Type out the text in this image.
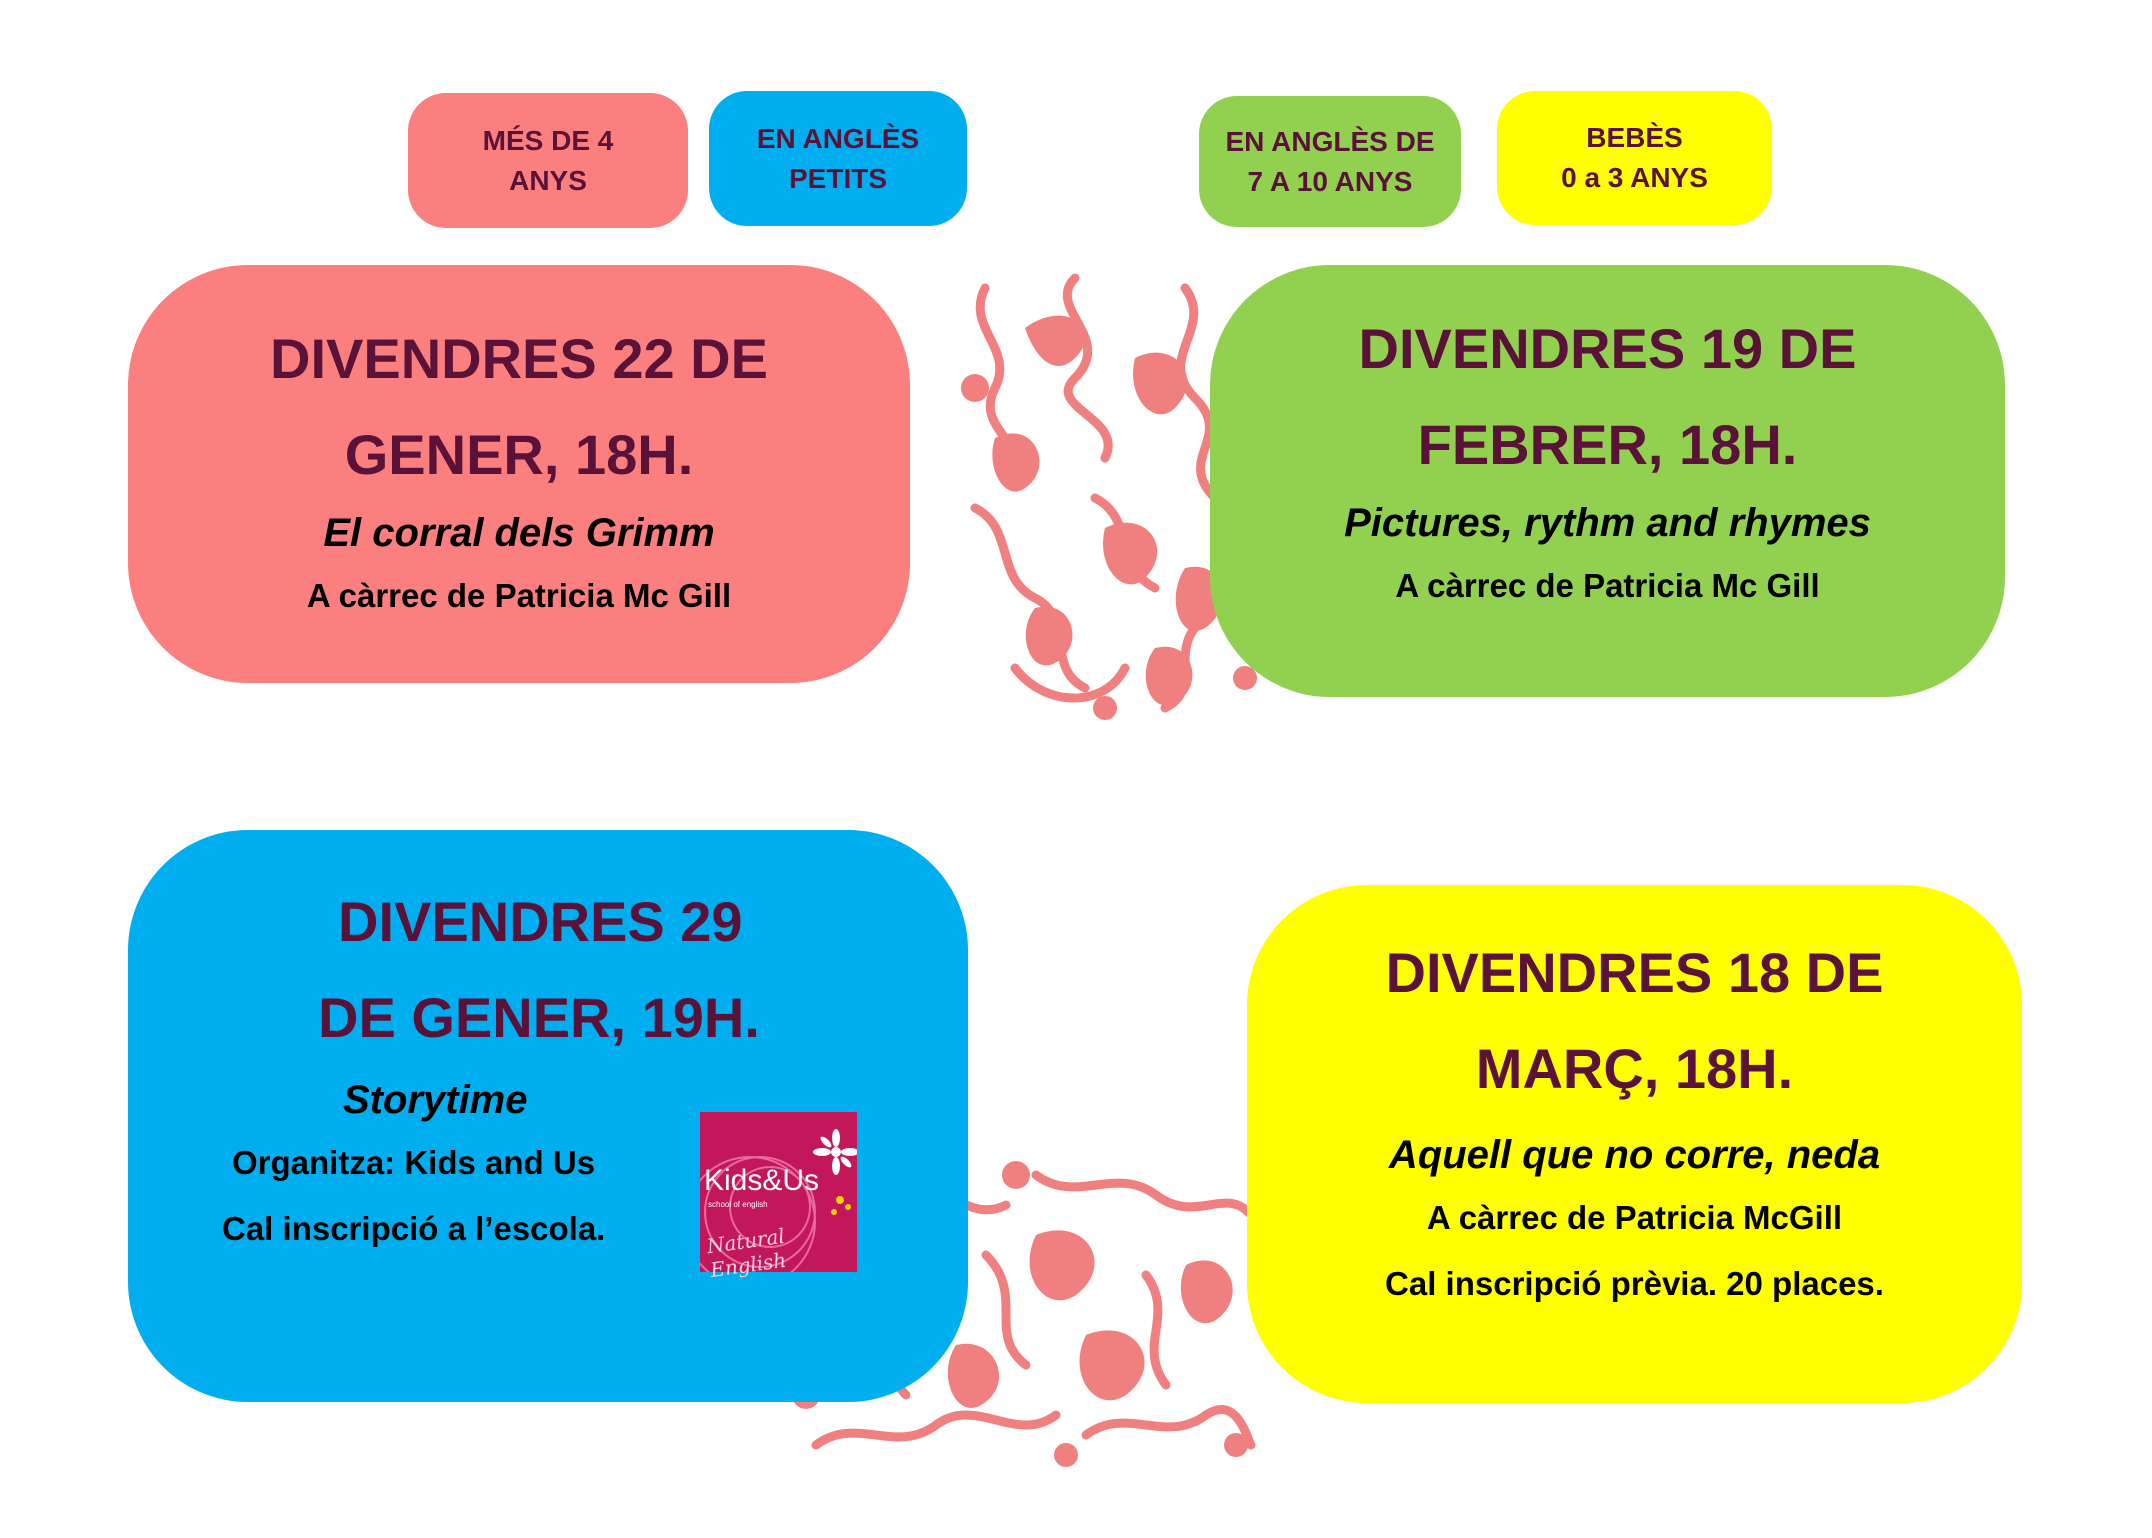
MÉS DE 4
ANYS
EN ANGLÈS
PETITS
EN ANGLÈS DE
7 A 10 ANYS
BEBÈS
0 a 3 ANYS
DIVENDRES 22 DE
GENER, 18H.
El corral dels Grimm
A càrrec de Patricia Mc Gill
DIVENDRES 19 DE
FEBRER, 18H.
Pictures, rythm and rhymes
A càrrec de Patricia Mc Gill
DIVENDRES 29
DE GENER, 19H.
Storytime
Organitza: Kids and Us
Cal inscripció a l’escola.
Kids&Us
school of english
Natural English
DIVENDRES 18 DE
MARÇ, 18H.
Aquell que no corre, neda
A càrrec de Patricia McGill
Cal inscripció prèvia. 20 places.
